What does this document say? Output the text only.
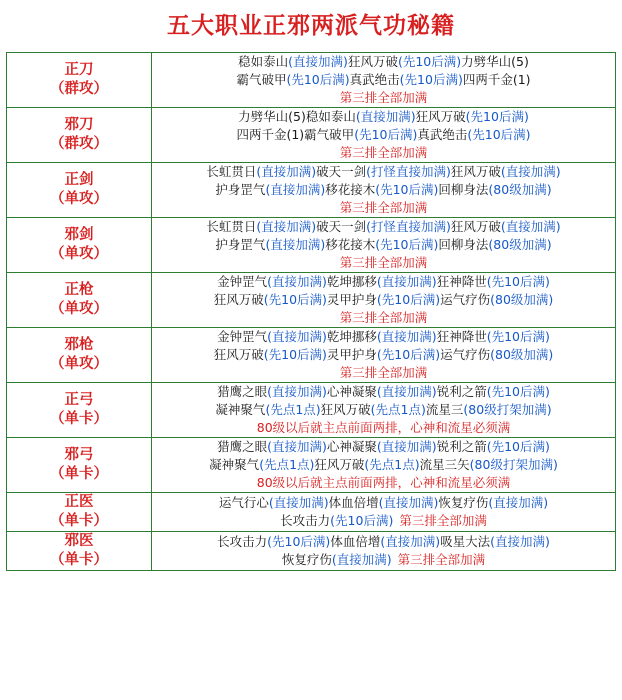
五大职业正邪两派气功秘籍
正刀
（群攻）

稳如泰山(直接加满)狂风万破(先10后满)力劈华山(5)
霸气破甲(先10后满)真武绝击(先10后满)四两千金(1)
第三排全部加满

邪刀
（群攻）

力劈华山(5)稳如泰山(直接加满)狂风万破(先10后满)
四两千金(1)霸气破甲(先10后满)真武绝击(先10后满)
第三排全部加满

正剑
（单攻）

长虹贯日(直接加满)破天一剑(打怪直接加满)狂风万破(直接加满)
护身罡气(直接加满)移花接木(先10后满)回柳身法(80级加满)
第三排全部加满

邪剑
（单攻）

长虹贯日(直接加满)破天一剑(打怪直接加满)狂风万破(直接加满)
护身罡气(直接加满)移花接木(先10后满)回柳身法(80级加满)
第三排全部加满

正枪
（单攻）

金钟罡气(直接加满)乾坤挪移(直接加满)狂神降世(先10后满)
狂风万破(先10后满)灵甲护身(先10后满)运气疗伤(80级加满)
第三排全部加满

邪枪
（单攻）

金钟罡气(直接加满)乾坤挪移(直接加满)狂神降世(先10后满)
狂风万破(先10后满)灵甲护身(先10后满)运气疗伤(80级加满)
第三排全部加满

正弓
（单卡）

猎鹰之眼(直接加满)心神凝聚(直接加满)锐利之箭(先10后满)
凝神聚气(先点1点)狂风万破(先点1点)流星三(80级打架加满)
80级以后就主点前面两排，心神和流星必须满

邪弓
（单卡）

猎鹰之眼(直接加满)心神凝聚(直接加满)锐利之箭(先10后满)
凝神聚气(先点1点)狂风万破(先点1点)流星三矢(80级打架加满)
80级以后就主点前面两排，心神和流星必须满

正医
（单卡）

运气行心(直接加满)体血倍增(直接加满)恢复疗伤(直接加满)
长攻击力(先10后满) 第三排全部加满

邪医
（单卡）

长攻击力(先10后满)体血倍增(直接加满)吸星大法(直接加满)
恢复疗伤(直接加满) 第三排全部加满
